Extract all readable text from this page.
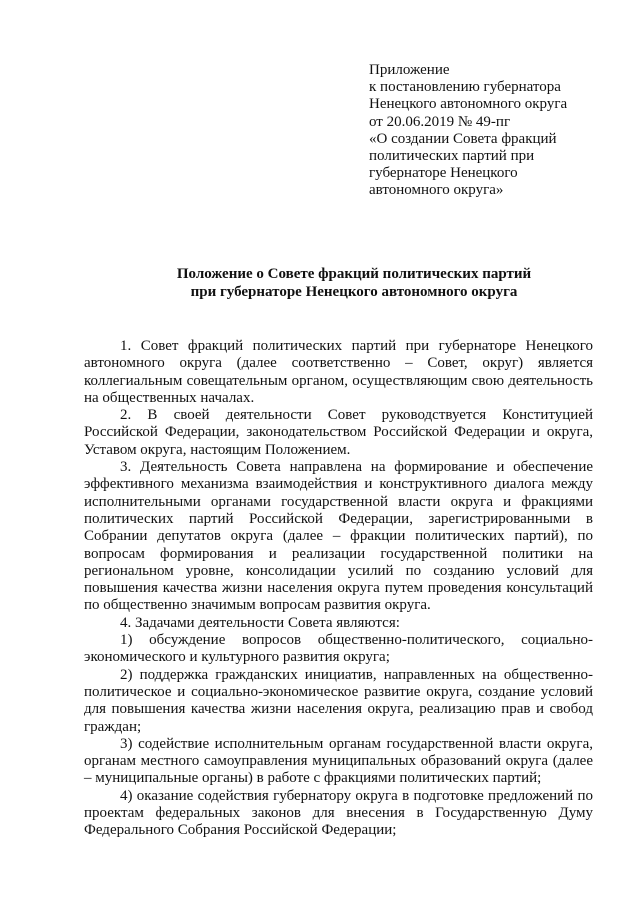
Приложение
к постановлению губернатора
Ненецкого автономного округа
от 20.06.2019 № 49-пг
«О создании Совета фракций
политических партий при
губернаторе Ненецкого
автономного округа»
Положение о Совете фракций политических партий
при губернаторе Ненецкого автономного округа

1. Совет фракций политических партий при губернаторе Ненецкого автономного округа (далее соответственно – Совет, округ) является коллегиальным совещательным органом, осуществляющим свою деятельность на общественных началах.

2. В своей деятельности Совет руководствуется Конституцией Российской Федерации, законодательством Российской Федерации и округа, Уставом округа, настоящим Положением.

3. Деятельность Совета направлена на формирование и обеспечение эффективного механизма взаимодействия и конструктивного диалога между исполнительными органами государственной власти округа и фракциями политических партий Российской Федерации, зарегистрированными в Собрании депутатов округа (далее – фракции политических партий), по вопросам формирования и реализации государственной политики на региональном уровне, консолидации усилий по созданию условий для повышения качества жизни населения округа путем проведения консультаций по общественно значимым вопросам развития округа.

4. Задачами деятельности Совета являются:

1) обсуждение вопросов общественно-политического, социально-экономического и культурного развития округа;

2) поддержка гражданских инициатив, направленных на общественно-политическое и социально-экономическое развитие округа, создание условий для повышения качества жизни населения округа, реализацию прав и свобод граждан;

3) содействие исполнительным органам государственной власти округа, органам местного самоуправления муниципальных образований округа (далее – муниципальные органы) в работе с фракциями политических партий;

4) оказание содействия губернатору округа в подготовке предложений по проектам федеральных законов для внесения в Государственную Думу Федерального Собрания Российской Федерации;
